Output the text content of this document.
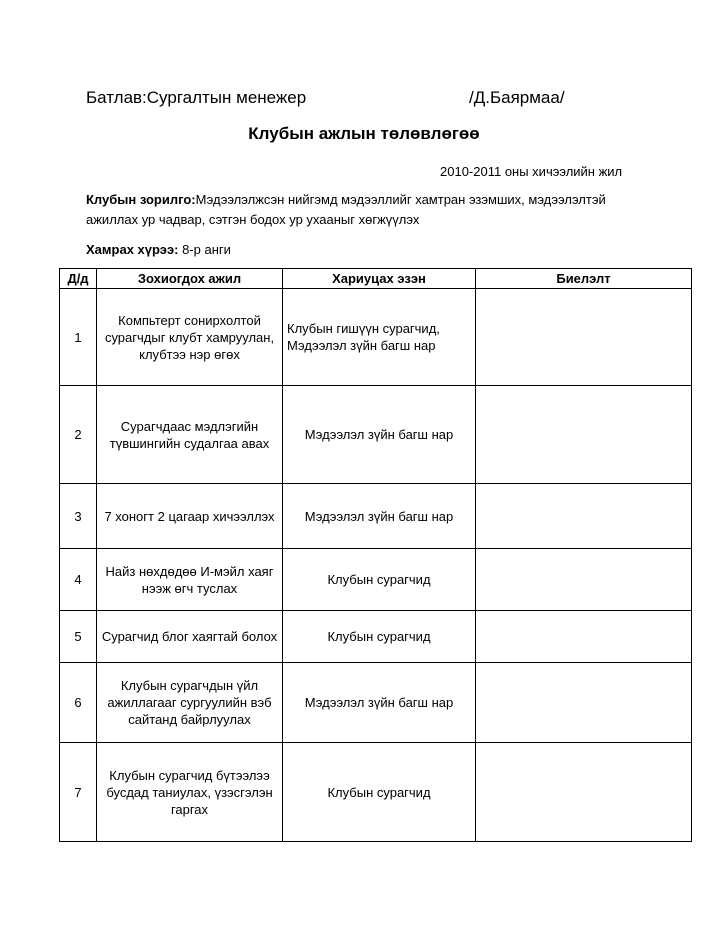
Батлав:Сургалтын менежер	/Д.Баярмаа/
Клубын ажлын төлөвлөгөө
2010-2011 оны хичээлийн жил
Клубын зорилго:Мэдээлэлжсэн нийгэмд мэдээллийг хамтран эзэмших, мэдээлэлтэй ажиллах ур чадвар, сэтгэн бодох ур ухааныг хөгжүүлэх
Хамрах хүрээ: 8-р анги
Д/д	Зохиогдох ажил	Хариуцах эзэн	Биелэлт
1	Компьтерт сонирхолтой сурагчдыг клубт хамруулан, клубтээ нэр өгөх	Клубын гишүүн сурагчид, Мэдээлэл зүйн багш нар	
2	Сурагчдаас мэдлэгийн түвшингийн судалгаа авах	Мэдээлэл зүйн багш нар	
3	7 хоногт 2 цагаар хичээллэх	Мэдээлэл зүйн багш нар	
4	Найз нөхдөдөө И-мэйл хаяг нээж өгч туслах	Клубын сурагчид	
5	Сурагчид блог хаягтай болох	Клубын сурагчид	
6	Клубын сурагчдын үйл ажиллагааг сургуулийн вэб сайтанд байрлуулах	Мэдээлэл зүйн багш нар	
7	Клубын сурагчид бүтээлээ бусдад таниулах, үзэсгэлэн гаргах	Клубын сурагчид	
